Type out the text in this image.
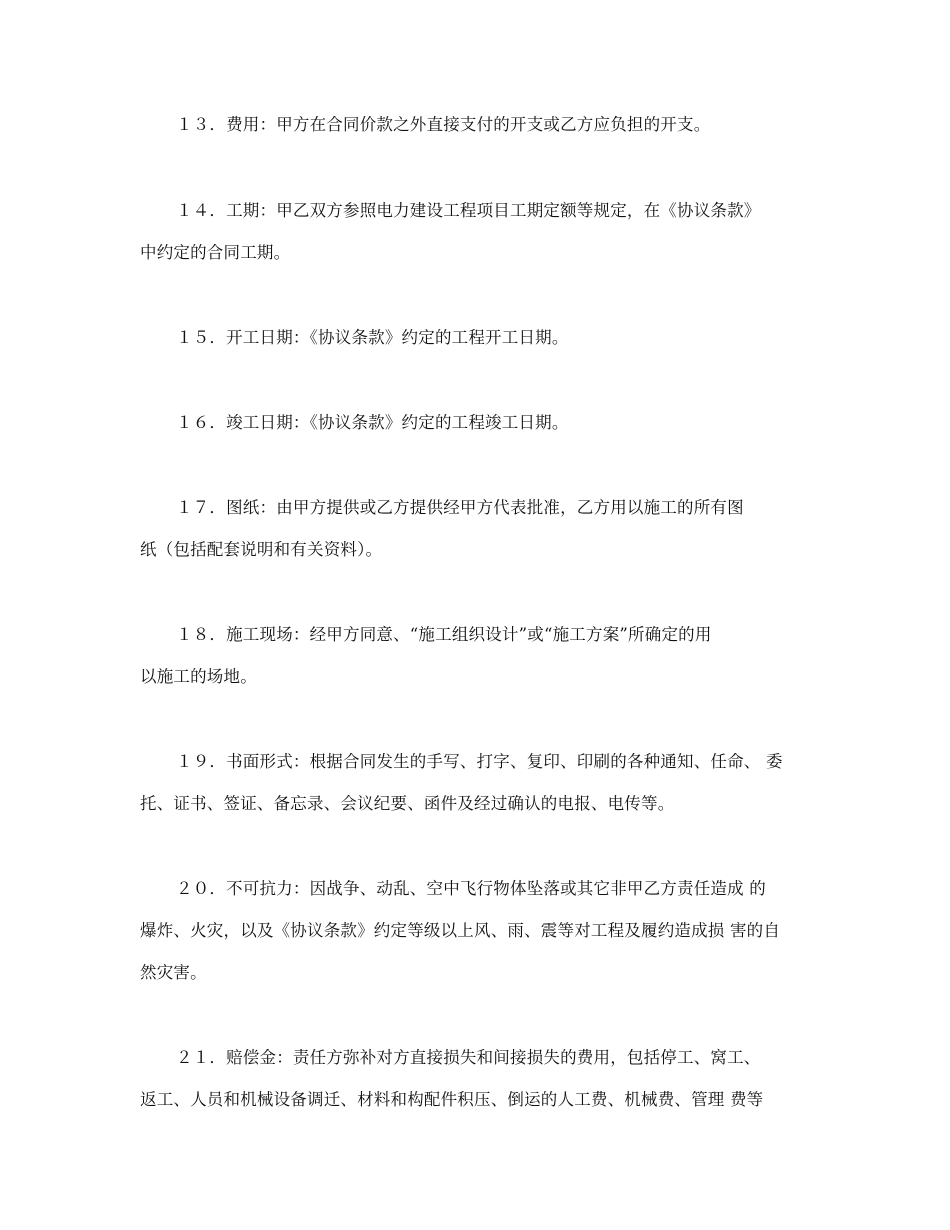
１３．费用：甲方在合同价款之外直接支付的开支或乙方应负担的开支。

１４．工期：甲乙双方参照电力建设工程项目工期定额等规定，在《协议条款》
中约定的合同工期。

１５．开工日期：《协议条款》约定的工程开工日期。

１６．竣工日期：《协议条款》约定的工程竣工日期。

１７．图纸：由甲方提供或乙方提供经甲方代表批准，乙方用以施工的所有图
纸（包括配套说明和有关资料）。

１８．施工现场：经甲方同意、“施工组织设计”或“施工方案”所确定的用
以施工的场地。

１９．书面形式：根据合同发生的手写、打字、复印、印刷的各种通知、任命、 委
托、证书、签证、备忘录、会议纪要、函件及经过确认的电报、电传等。

２０．不可抗力：因战争、动乱、空中飞行物体坠落或其它非甲乙方责任造成 的
爆炸、火灾，以及《协议条款》约定等级以上风、雨、震等对工程及履约造成损 害的自
然灾害。

２１．赔偿金：责任方弥补对方直接损失和间接损失的费用，包括停工、窝工、
返工、人员和机械设备调迁、材料和构配件积压、倒运的人工费、机械费、管理 费等
